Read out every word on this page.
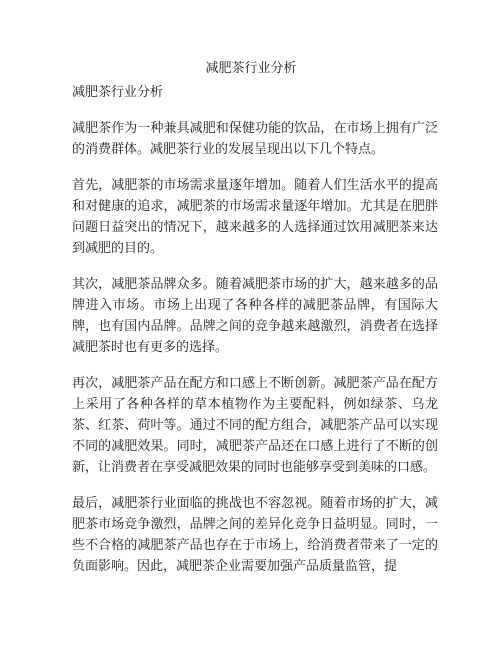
减肥茶行业分析

减肥茶行业分析

减肥茶作为一种兼具减肥和保健功能的饮品，在市场上拥有广泛的消费群体。减肥茶行业的发展呈现出以下几个特点。

首先，减肥茶的市场需求量逐年增加。随着人们生活水平的提高和对健康的追求，减肥茶的市场需求量逐年增加。尤其是在肥胖问题日益突出的情况下，越来越多的人选择通过饮用减肥茶来达到减肥的目的。

其次，减肥茶品牌众多。随着减肥茶市场的扩大，越来越多的品牌进入市场。市场上出现了各种各样的减肥茶品牌，有国际大牌，也有国内品牌。品牌之间的竞争越来越激烈，消费者在选择减肥茶时也有更多的选择。

再次，减肥茶产品在配方和口感上不断创新。减肥茶产品在配方上采用了各种各样的草本植物作为主要配料，例如绿茶、乌龙茶、红茶、荷叶等。通过不同的配方组合，减肥茶产品可以实现不同的减肥效果。同时，减肥茶产品还在口感上进行了不断的创新，让消费者在享受减肥效果的同时也能够享受到美味的口感。

最后，减肥茶行业面临的挑战也不容忽视。随着市场的扩大，减肥茶市场竞争激烈，品牌之间的差异化竞争日益明显。同时，一些不合格的减肥茶产品也存在于市场上，给消费者带来了一定的负面影响。因此，减肥茶企业需要加强产品质量监管，提
